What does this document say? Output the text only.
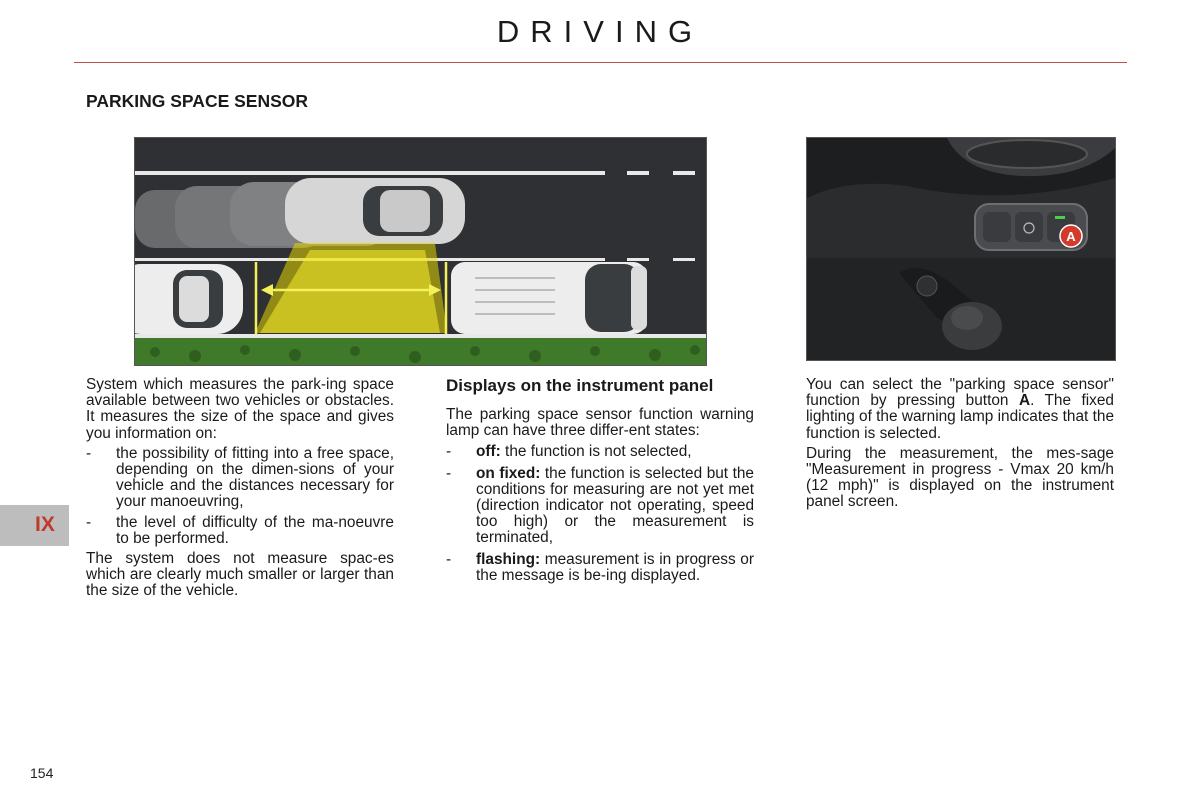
DRIVING
PARKING SPACE SENSOR
A

System which measures the park-ing space available between two vehicles or obstacles. It measures the size of the space and gives you information on:

- the possibility of fitting into a free space, depending on the dimen-sions of your vehicle and the distances necessary for your manoeuvring,
- the level of difficulty of the ma-noeuvre to be performed.

The system does not measure spac-es which are clearly much smaller or larger than the size of the vehicle.

Displays on the instrument panel

The parking space sensor function warning lamp can have three differ-ent states:

- off: the function is not selected,
- on fixed: the function is selected but the conditions for measuring are not yet met (direction indicator not operating, speed too high) or the measurement is terminated,
- flashing: measurement is in progress or the message is be-ing displayed.

You can select the "parking space sensor" function by pressing button A. The fixed lighting of the warning lamp indicates that the function is selected.

During the measurement, the mes-sage "Measurement in progress - Vmax 20 km/h (12 mph)" is displayed on the instrument panel screen.

IX
154
